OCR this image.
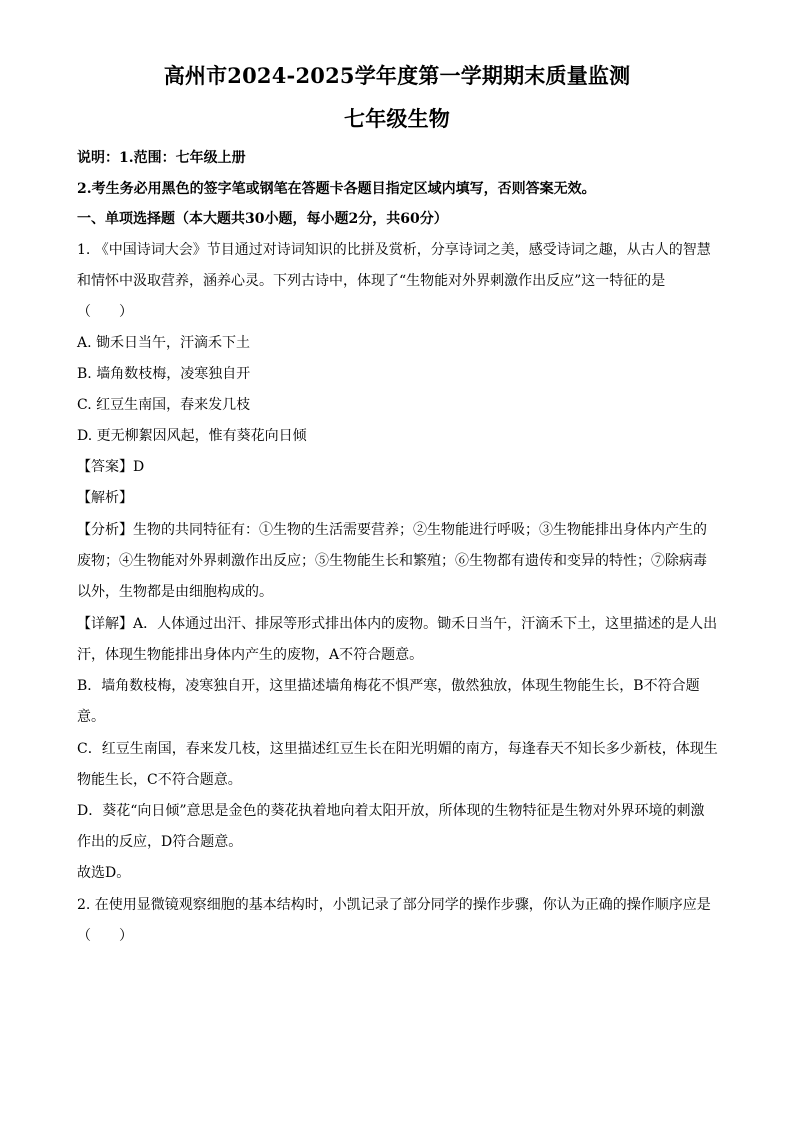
高州市2024-2025学年度第一学期期末质量监测
七年级生物
说明：1.范围：七年级上册
2.考生务必用黑色的签字笔或钢笔在答题卡各题目指定区域内填写，否则答案无效。
一、单项选择题（本大题共30小题，每小题2分，共60分）
1. 《中国诗词大会》节目通过对诗词知识的比拼及赏析，分享诗词之美，感受诗词之趣，从古人的智慧
和情怀中汲取营养，涵养心灵。下列古诗中，体现了“生物能对外界刺激作出反应”这一特征的是
（　　）
A. 锄禾日当午，汗滴禾下土
B. 墙角数枝梅，凌寒独自开
C. 红豆生南国，春来发几枝
D. 更无柳絮因风起，惟有葵花向日倾
【答案】D
【解析】
【分析】生物的共同特征有：①生物的生活需要营养；②生物能进行呼吸；③生物能排出身体内产生的
废物；④生物能对外界刺激作出反应；⑤生物能生长和繁殖；⑥生物都有遗传和变异的特性；⑦除病毒
以外，生物都是由细胞构成的。
【详解】A．人体通过出汗、排尿等形式排出体内的废物。锄禾日当午，汗滴禾下土，这里描述的是人出
汗，体现生物能排出身体内产生的废物，A不符合题意。
B．墙角数枝梅，凌寒独自开，这里描述墙角梅花不惧严寒，傲然独放，体现生物能生长，B不符合题
意。
C．红豆生南国，春来发几枝，这里描述红豆生长在阳光明媚的南方，每逢春天不知长多少新枝，体现生
物能生长，C不符合题意。
D．葵花“向日倾”意思是金色的葵花执着地向着太阳开放，所体现的生物特征是生物对外界环境的刺激
作出的反应，D符合题意。
故选D。
2. 在使用显微镜观察细胞的基本结构时，小凯记录了部分同学的操作步骤，你认为正确的操作顺序应是
（　　）
